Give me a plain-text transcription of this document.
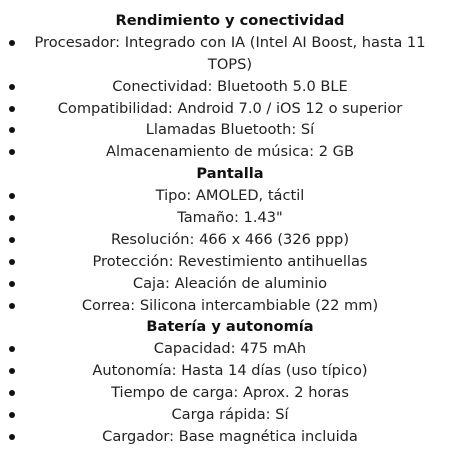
Rendimiento y conectividad
Procesador: Integrado con IA (Intel AI Boost, hasta 11 TOPS)
Conectividad: Bluetooth 5.0 BLE
Compatibilidad: Android 7.0 / iOS 12 o superior
Llamadas Bluetooth: Sí
Almacenamiento de música: 2 GB
Pantalla
Tipo: AMOLED, táctil
Tamaño: 1.43"
Resolución: 466 x 466 (326 ppp)
Protección: Revestimiento antihuellas
Caja: Aleación de aluminio
Correa: Silicona intercambiable (22 mm)
Batería y autonomía
Capacidad: 475 mAh
Autonomía: Hasta 14 días (uso típico)
Tiempo de carga: Aprox. 2 horas
Carga rápida: Sí
Cargador: Base magnética incluida
